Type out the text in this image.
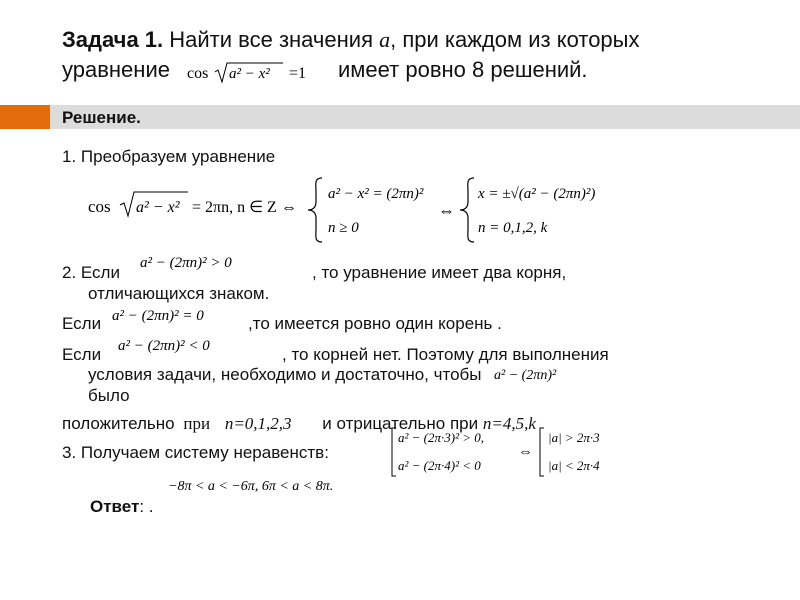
Задача 1. Найти все значения a, при каждом из которых
уравнение cos a² − x² =1 имеет ровно 8 решений.
Решение.
1. Преобразуем уравнение
cos a² − x² = 2πn, n ∈ Z ⇔
a² − x² = (2πn)²
n ≥ 0
⇔
x = ±√(a² − (2πn)²)
n = 0,1,2, k
2. Если a² − (2πn)² > 0	, то уравнение имеет два корня,
отличающихся знаком.
Если a² − (2πn)² = 0	,то имеется ровно один корень .
Если a² − (2πn)² < 0	, то корней нет. Поэтому для выполнения
условия задачи, необходимо и достаточно, чтобы a² − (2πn)²
было
положительно при n=0,1,2,3 и отрицательно при n=4,5,k
3. Получаем систему неравенств:
a² − (2π·3)² > 0,
a² − (2π·4)² < 0
⇔
|a| > 2π·3
|a| < 2π·4
−8π < a < −6π, 6π < a < 8π.
Ответ: .
